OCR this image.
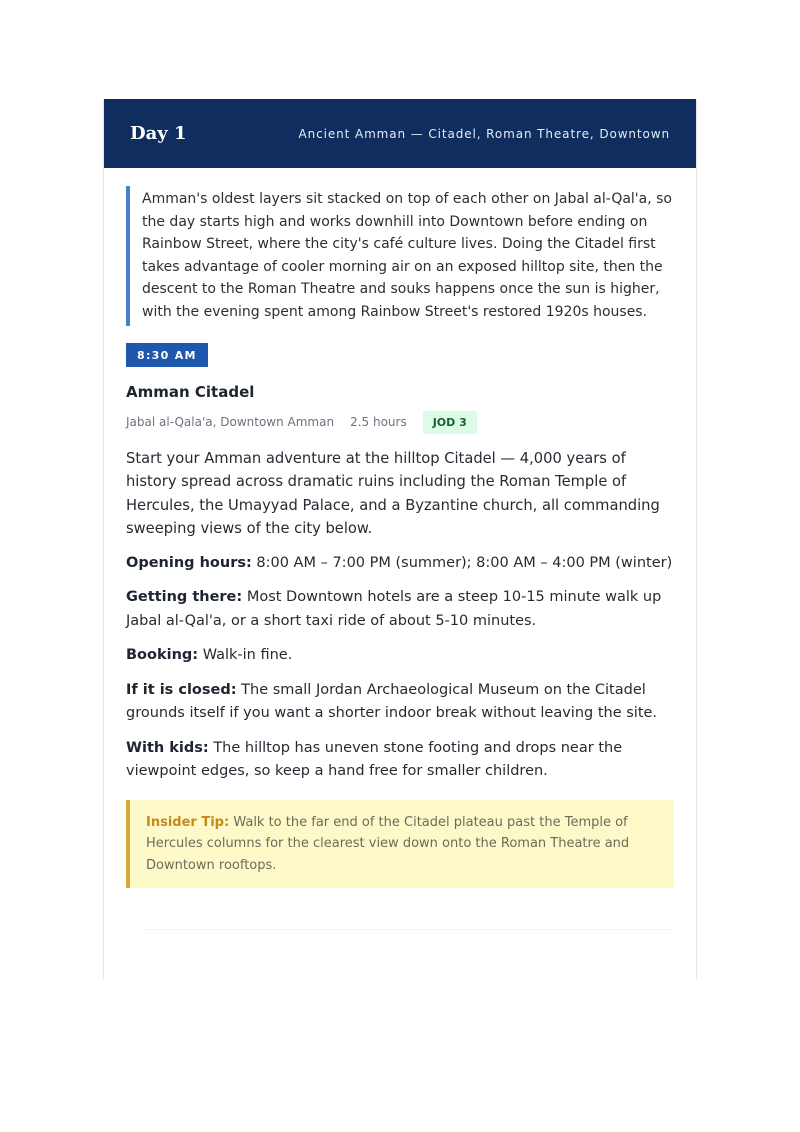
Day 1	Ancient Amman — Citadel, Roman Theatre, Downtown

Amman's oldest layers sit stacked on top of each other on Jabal al-Qal'a, so the day starts high and works downhill into Downtown before ending on Rainbow Street, where the city's café culture lives. Doing the Citadel first takes advantage of cooler morning air on an exposed hilltop site, then the descent to the Roman Theatre and souks happens once the sun is higher, with the evening spent among Rainbow Street's restored 1920s houses.

8:30 AM
Amman Citadel
Jabal al-Qala'a, Downtown Amman 2.5 hours	JOD 3

Start your Amman adventure at the hilltop Citadel — 4,000 years of history spread across dramatic ruins including the Roman Temple of Hercules, the Umayyad Palace, and a Byzantine church, all commanding sweeping views of the city below.

Opening hours: 8:00 AM – 7:00 PM (summer); 8:00 AM – 4:00 PM (winter)

Getting there: Most Downtown hotels are a steep 10-15 minute walk up Jabal al-Qal'a, or a short taxi ride of about 5-10 minutes.

Booking: Walk-in fine.

If it is closed: The small Jordan Archaeological Museum on the Citadel grounds itself if you want a shorter indoor break without leaving the site.

With kids: The hilltop has uneven stone footing and drops near the viewpoint edges, so keep a hand free for smaller children.

Insider Tip: Walk to the far end of the Citadel plateau past the Temple of Hercules columns for the clearest view down onto the Roman Theatre and Downtown rooftops.
